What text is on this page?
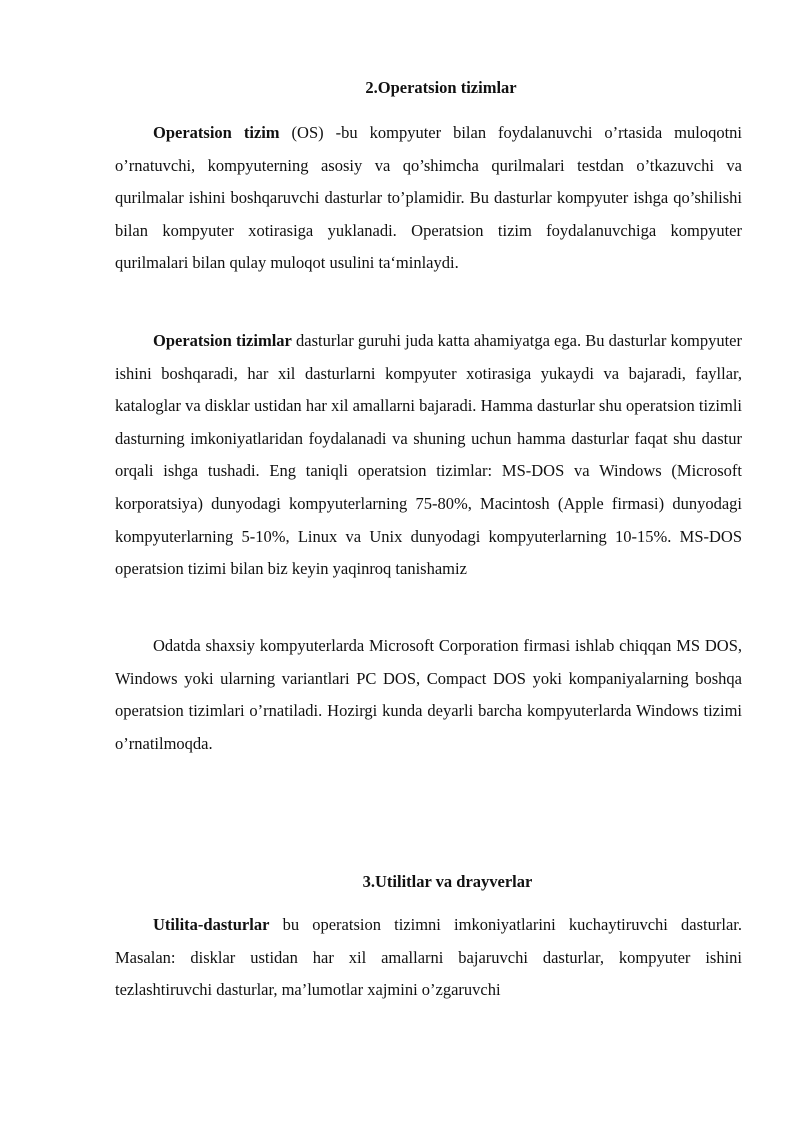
2.Operatsion tizimlar

Operatsion tizim (OS) -bu kompyuter bilan foydalanuvchi o’rtasida muloqotni o’rnatuvchi, kompyuterning asosiy va qo’shimcha qurilmalari testdan o’tkazuvchi va qurilmalar ishini boshqaruvchi dasturlar to’plamidir. Bu dasturlar kompyuter ishga qo’shilishi bilan kompyuter xotirasiga yuklanadi. Operatsion tizim foydalanuvchiga kompyuter qurilmalari bilan qulay muloqot usulini ta‘minlaydi.

Operatsion tizimlar dasturlar guruhi juda katta ahamiyatga ega. Bu dasturlar kompyuter ishini boshqaradi, har xil dasturlarni kompyuter xotirasiga yukaydi va bajaradi, fayllar, kataloglar va disklar ustidan har xil amallarni bajaradi. Hamma dasturlar shu operatsion tizimli dasturning imkoniyatlaridan foydalanadi va shuning uchun hamma dasturlar faqat shu dastur orqali ishga tushadi. Eng taniqli operatsion tizimlar: MS-DOS va Windows (Microsoft korporatsiya) dunyodagi kompyuterlarning 75-80%, Macintosh (Apple firmasi) dunyodagi kompyuterlarning 5-10%, Linux va Unix dunyodagi kompyuterlarning 10-15%. MS-DOS operatsion tizimi bilan biz keyin yaqinroq tanishamiz

Odatda shaxsiy kompyuterlarda Microsoft Corporation firmasi ishlab chiqqan MS DOS, Windows yoki ularning variantlari PC DOS, Compact DOS yoki kompaniyalarning boshqa operatsion tizimlari o’rnatiladi. Hozirgi kunda deyarli barcha kompyuterlarda Windows tizimi o’rnatilmoqda.

3.Utilitlar va drayverlar

Utilita-dasturlar bu operatsion tizimni imkoniyatlarini kuchaytiruvchi dasturlar. Masalan: disklar ustidan har xil amallarni bajaruvchi dasturlar, kompyuter ishini tezlashtiruvchi dasturlar, ma’lumotlar xajmini o’zgaruvchi
